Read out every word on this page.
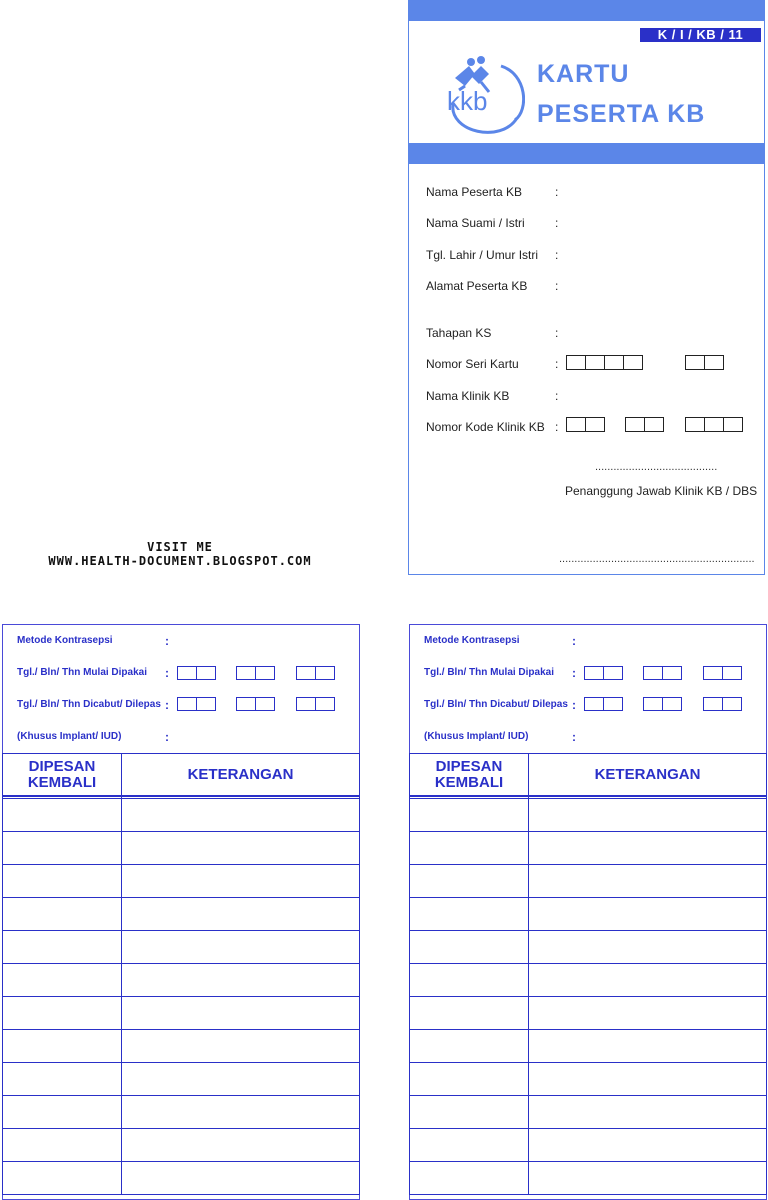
K / I / KB / 11
kkb
KARTU
PESERTA KB
Nama Peserta KB	:
Nama Suami / Istri	:
Tgl. Lahir / Umur Istri :
Alamat Peserta KB :
Tahapan KS	:
Nomor Seri Kartu	:
Nama Klinik KB	:
Nomor Kode Klinik KB :
........................................
Penanggung Jawab Klinik KB / DBS
................................................................
VISIT ME
WWW.HEALTH-DOCUMENT.BLOGSPOT.COM
Metode Kontrasepsi	:
Tgl./ Bln/ Thn Mulai Dipakai :
Tgl./ Bln/ Thn Dicabut/ Dilepas :
(Khusus Implant/ IUD)	:
DIPESAN
KEMBALI	KETERANGAN

Metode Kontrasepsi	:
Tgl./ Bln/ Thn Mulai Dipakai :
Tgl./ Bln/ Thn Dicabut/ Dilepas :
(Khusus Implant/ IUD)	:
DIPESAN
KEMBALI	KETERANGAN
